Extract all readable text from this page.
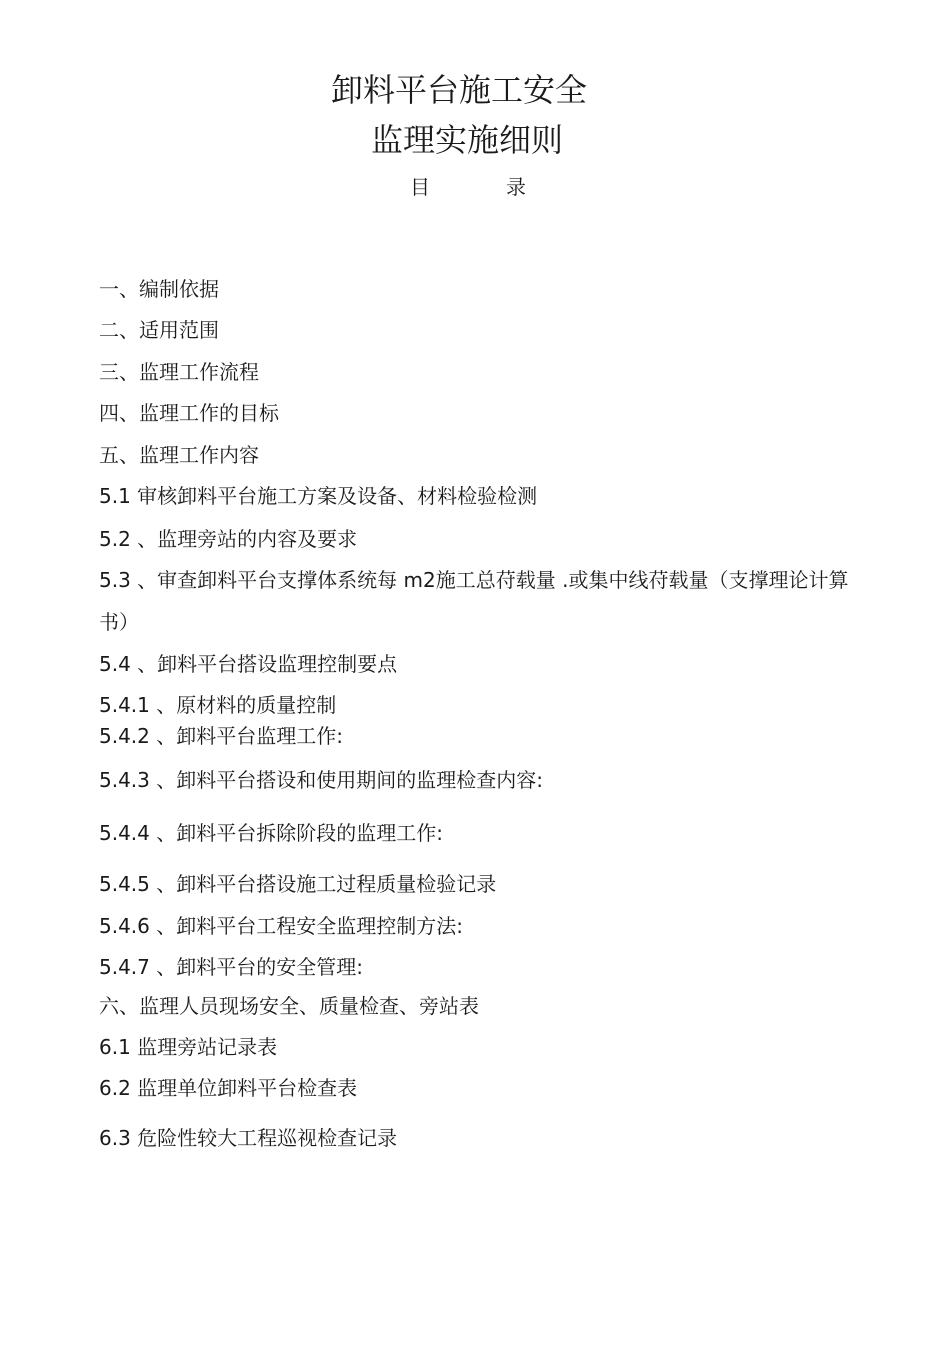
卸料平台施工安全
监理实施细则
目录
一、编制依据
二、适用范围
三、监理工作流程
四、监理工作的目标
五、监理工作内容
5.1 审核卸料平台施工方案及设备、材料检验检测
5.2 、监理旁站的内容及要求
5.3 、审查卸料平台支撑体系统每 m2施工总苻载量 .或集中线苻载量（支撑理论计算书）
5.4 、卸料平台搭设监理控制要点
5.4.1 、原材料的质量控制
5.4.2 、卸料平台监理工作:
5.4.3 、卸料平台搭设和使用期间的监理检查内容:
5.4.4 、卸料平台拆除阶段的监理工作:
5.4.5 、卸料平台搭设施工过程质量检验记录
5.4.6 、卸料平台工程安全监理控制方法:
5.4.7 、卸料平台的安全管理:
六、监理人员现场安全、质量检查、旁站表
6.1 监理旁站记录表
6.2 监理单位卸料平台检查表
6.3 危险性较大工程巡视检查记录
